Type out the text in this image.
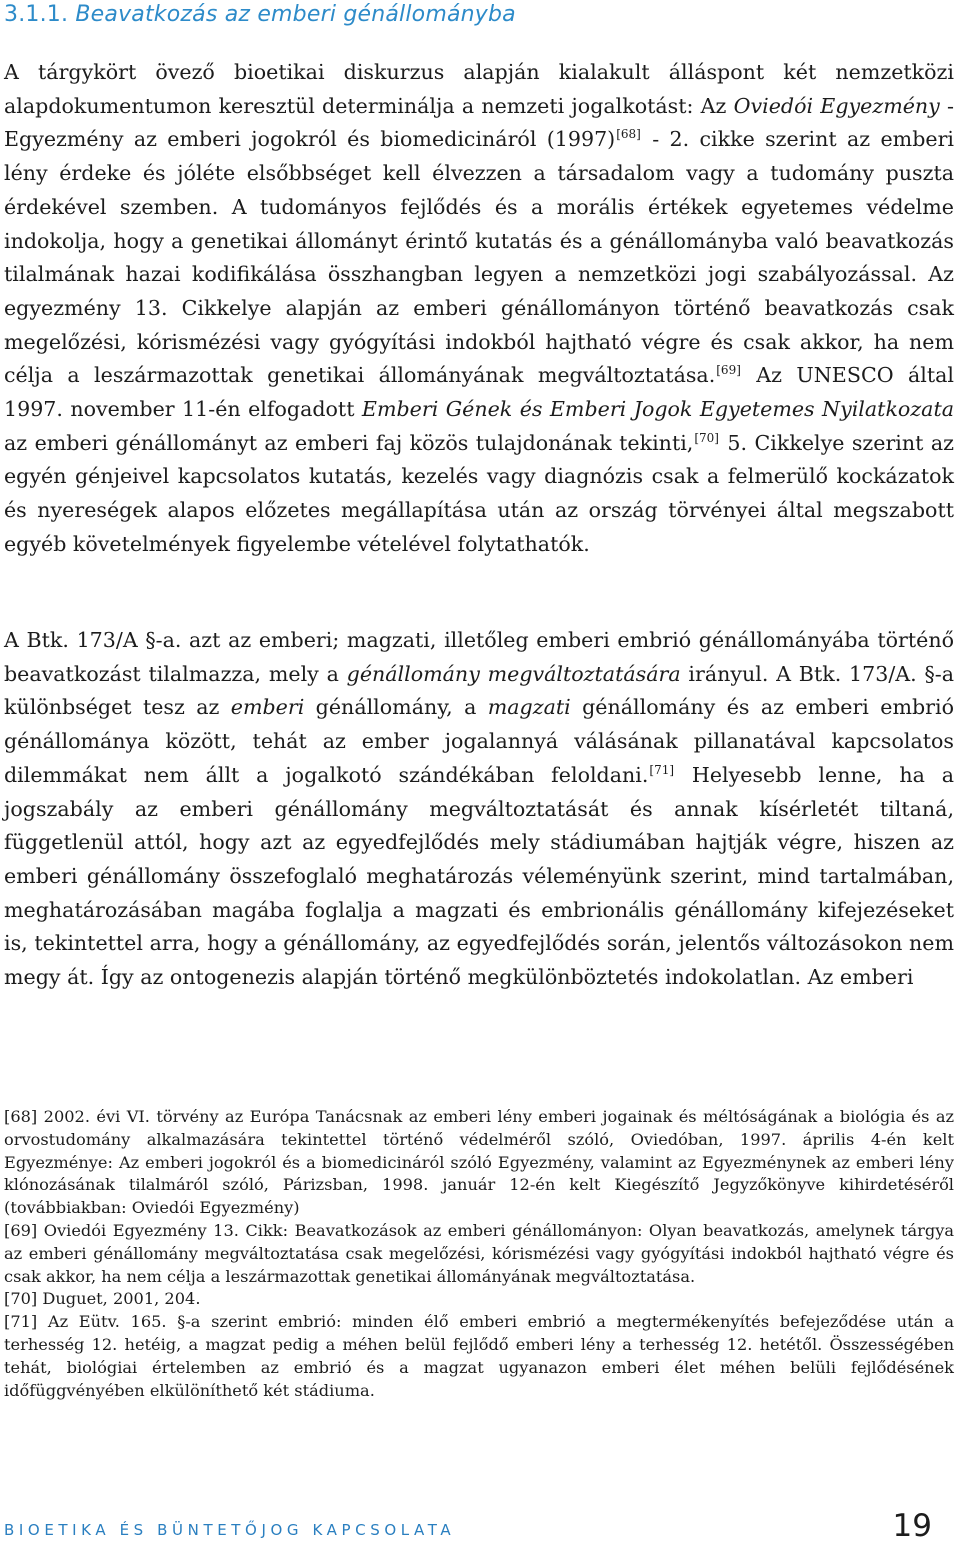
3.1.1. Beavatkozás az emberi génállományba

A tárgykört övező bioetikai diskurzus alapján kialakult álláspont két nemzetközi alapdokumentumon keresztül determinálja a nemzeti jogalkotást: Az Oviedói Egyezmény - Egyezmény az emberi jogokról és biomedicináról (1997)[68] - 2. cikke szerint az emberi lény érdeke és jóléte elsőbbséget kell élvezzen a társadalom vagy a tudomány puszta érdekével szemben. A tudományos fejlődés és a morális értékek egyetemes védelme indokolja, hogy a genetikai állományt érintő kutatás és a génállományba való beavatkozás tilalmának hazai kodifikálása összhangban legyen a nemzetközi jogi szabályozással. Az egyezmény 13. Cikkelye alapján az emberi génállományon történő beavatkozás csak megelőzési, kórismézési vagy gyógyítási indokból hajtható végre és csak akkor, ha nem célja a leszármazottak genetikai állományának megváltoztatása.[69] Az UNESCO által 1997. november 11-én elfogadott Emberi Gének és Emberi Jogok Egyetemes Nyilatkozata az emberi génállományt az emberi faj közös tulajdonának tekinti,[70] 5. Cikkelye szerint az egyén génjeivel kapcsolatos kutatás, kezelés vagy diagnózis csak a felmerülő kockázatok és nyereségek alapos előzetes megállapítása után az ország törvényei által megszabott egyéb követelmények figyelembe vételével folytathatók.

A Btk. 173/A §-a. azt az emberi; magzati, illetőleg emberi embrió génállományába történő beavatkozást tilalmazza, mely a génállomány megváltoztatására irányul. A Btk. 173/A. §-a különbséget tesz az emberi génállomány, a magzati génállomány és az emberi embrió génállománya között, tehát az ember jogalannyá válásának pillanatával kapcsolatos dilemmákat nem állt a jogalkotó szándékában feloldani.[71] Helyesebb lenne, ha a jogszabály az emberi génállomány megváltoztatását és annak kísérletét tiltaná, függetlenül attól, hogy azt az egyedfejlődés mely stádiumában hajtják végre, hiszen az emberi génállomány összefoglaló meghatározás véleményünk szerint, mind tartalmában, meghatározásában magába foglalja a magzati és embrionális génállomány kifejezéseket is, tekintettel arra, hogy a génállomány, az egyedfejlődés során, jelentős változásokon nem megy át. Így az ontogenezis alapján történő megkülönböztetés indokolatlan. Az emberi

[68] 2002. évi VI. törvény az Európa Tanácsnak az emberi lény emberi jogainak és méltóságának a biológia és az orvostudomány alkalmazására tekintettel történő védelméről szóló, Oviedóban, 1997. április 4-én kelt Egyezménye: Az emberi jogokról és a biomedicináról szóló Egyezmény, valamint az Egyezménynek az emberi lény klónozásának tilalmáról szóló, Párizsban, 1998. január 12-én kelt Kiegészítő Jegyzőkönyve kihirdetéséről (továbbiakban: Oviedói Egyezmény)

[69] Oviedói Egyezmény 13. Cikk: Beavatkozások az emberi génállományon: Olyan beavatkozás, amelynek tárgya az emberi génállomány megváltoztatása csak megelőzési, kórismézési vagy gyógyítási indokból hajtható végre és csak akkor, ha nem célja a leszármazottak genetikai állományának megváltoztatása.

[70] Duguet, 2001, 204.

[71] Az Eütv. 165. §-a szerint embrió: minden élő emberi embrió a megtermékenyítés befejeződése után a terhesség 12. hetéig, a magzat pedig a méhen belül fejlődő emberi lény a terhesség 12. hetétől. Összességében tehát, biológiai értelemben az embrió és a magzat ugyanazon emberi élet méhen belüli fejlődésének időfüggvényében elkülöníthető két stádiuma.

BIOETIKA ÉS BÜNTETŐJOG KAPCSOLATA	19
